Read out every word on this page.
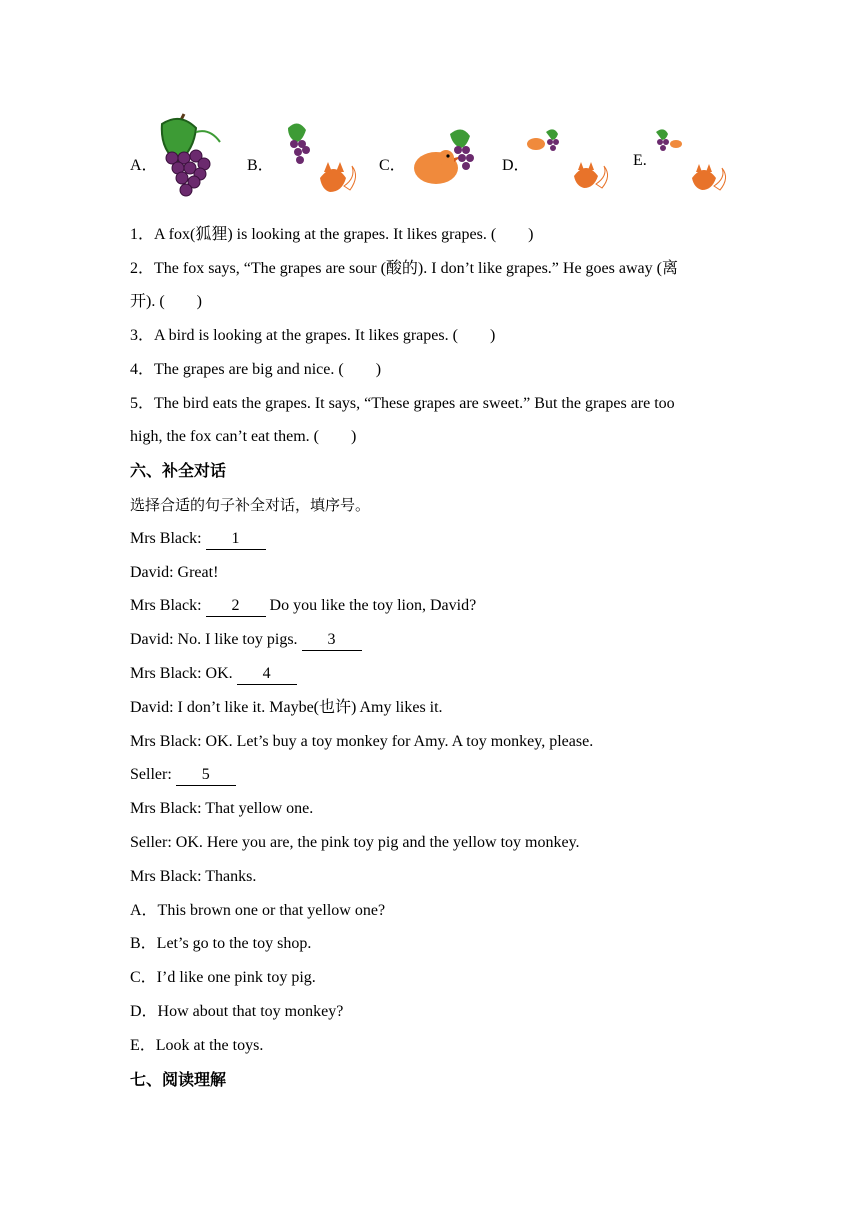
A．	B．	C．	D．	E.
1．A fox(狐狸) is looking at the grapes. It likes grapes. (　　)
2．The fox says, “The grapes are sour (酸的). I don’t like grapes.” He goes away (离
开). (　　)
3．A bird is looking at the grapes. It likes grapes. (　　)
4．The grapes are big and nice. (　　)
5．The bird eats the grapes. It says, “These grapes are sweet.” But the grapes are too
high, the fox can’t eat them. (　　)
六、补全对话
选择合适的句子补全对话，填序号。
Mrs Black: 1
David: Great!
Mrs Black: 2 Do you like the toy lion, David?
David: No. I like toy pigs. 3
Mrs Black: OK. 4
David: I don’t like it. Maybe(也许) Amy likes it.
Mrs Black: OK. Let’s buy a toy monkey for Amy. A toy monkey, please.
Seller: 5
Mrs Black: That yellow one.
Seller: OK. Here you are, the pink toy pig and the yellow toy monkey.
Mrs Black: Thanks.
A．This brown one or that yellow one?
B．Let’s go to the toy shop.
C．I’d like one pink toy pig.
D．How about that toy monkey?
E．Look at the toys.
七、阅读理解
